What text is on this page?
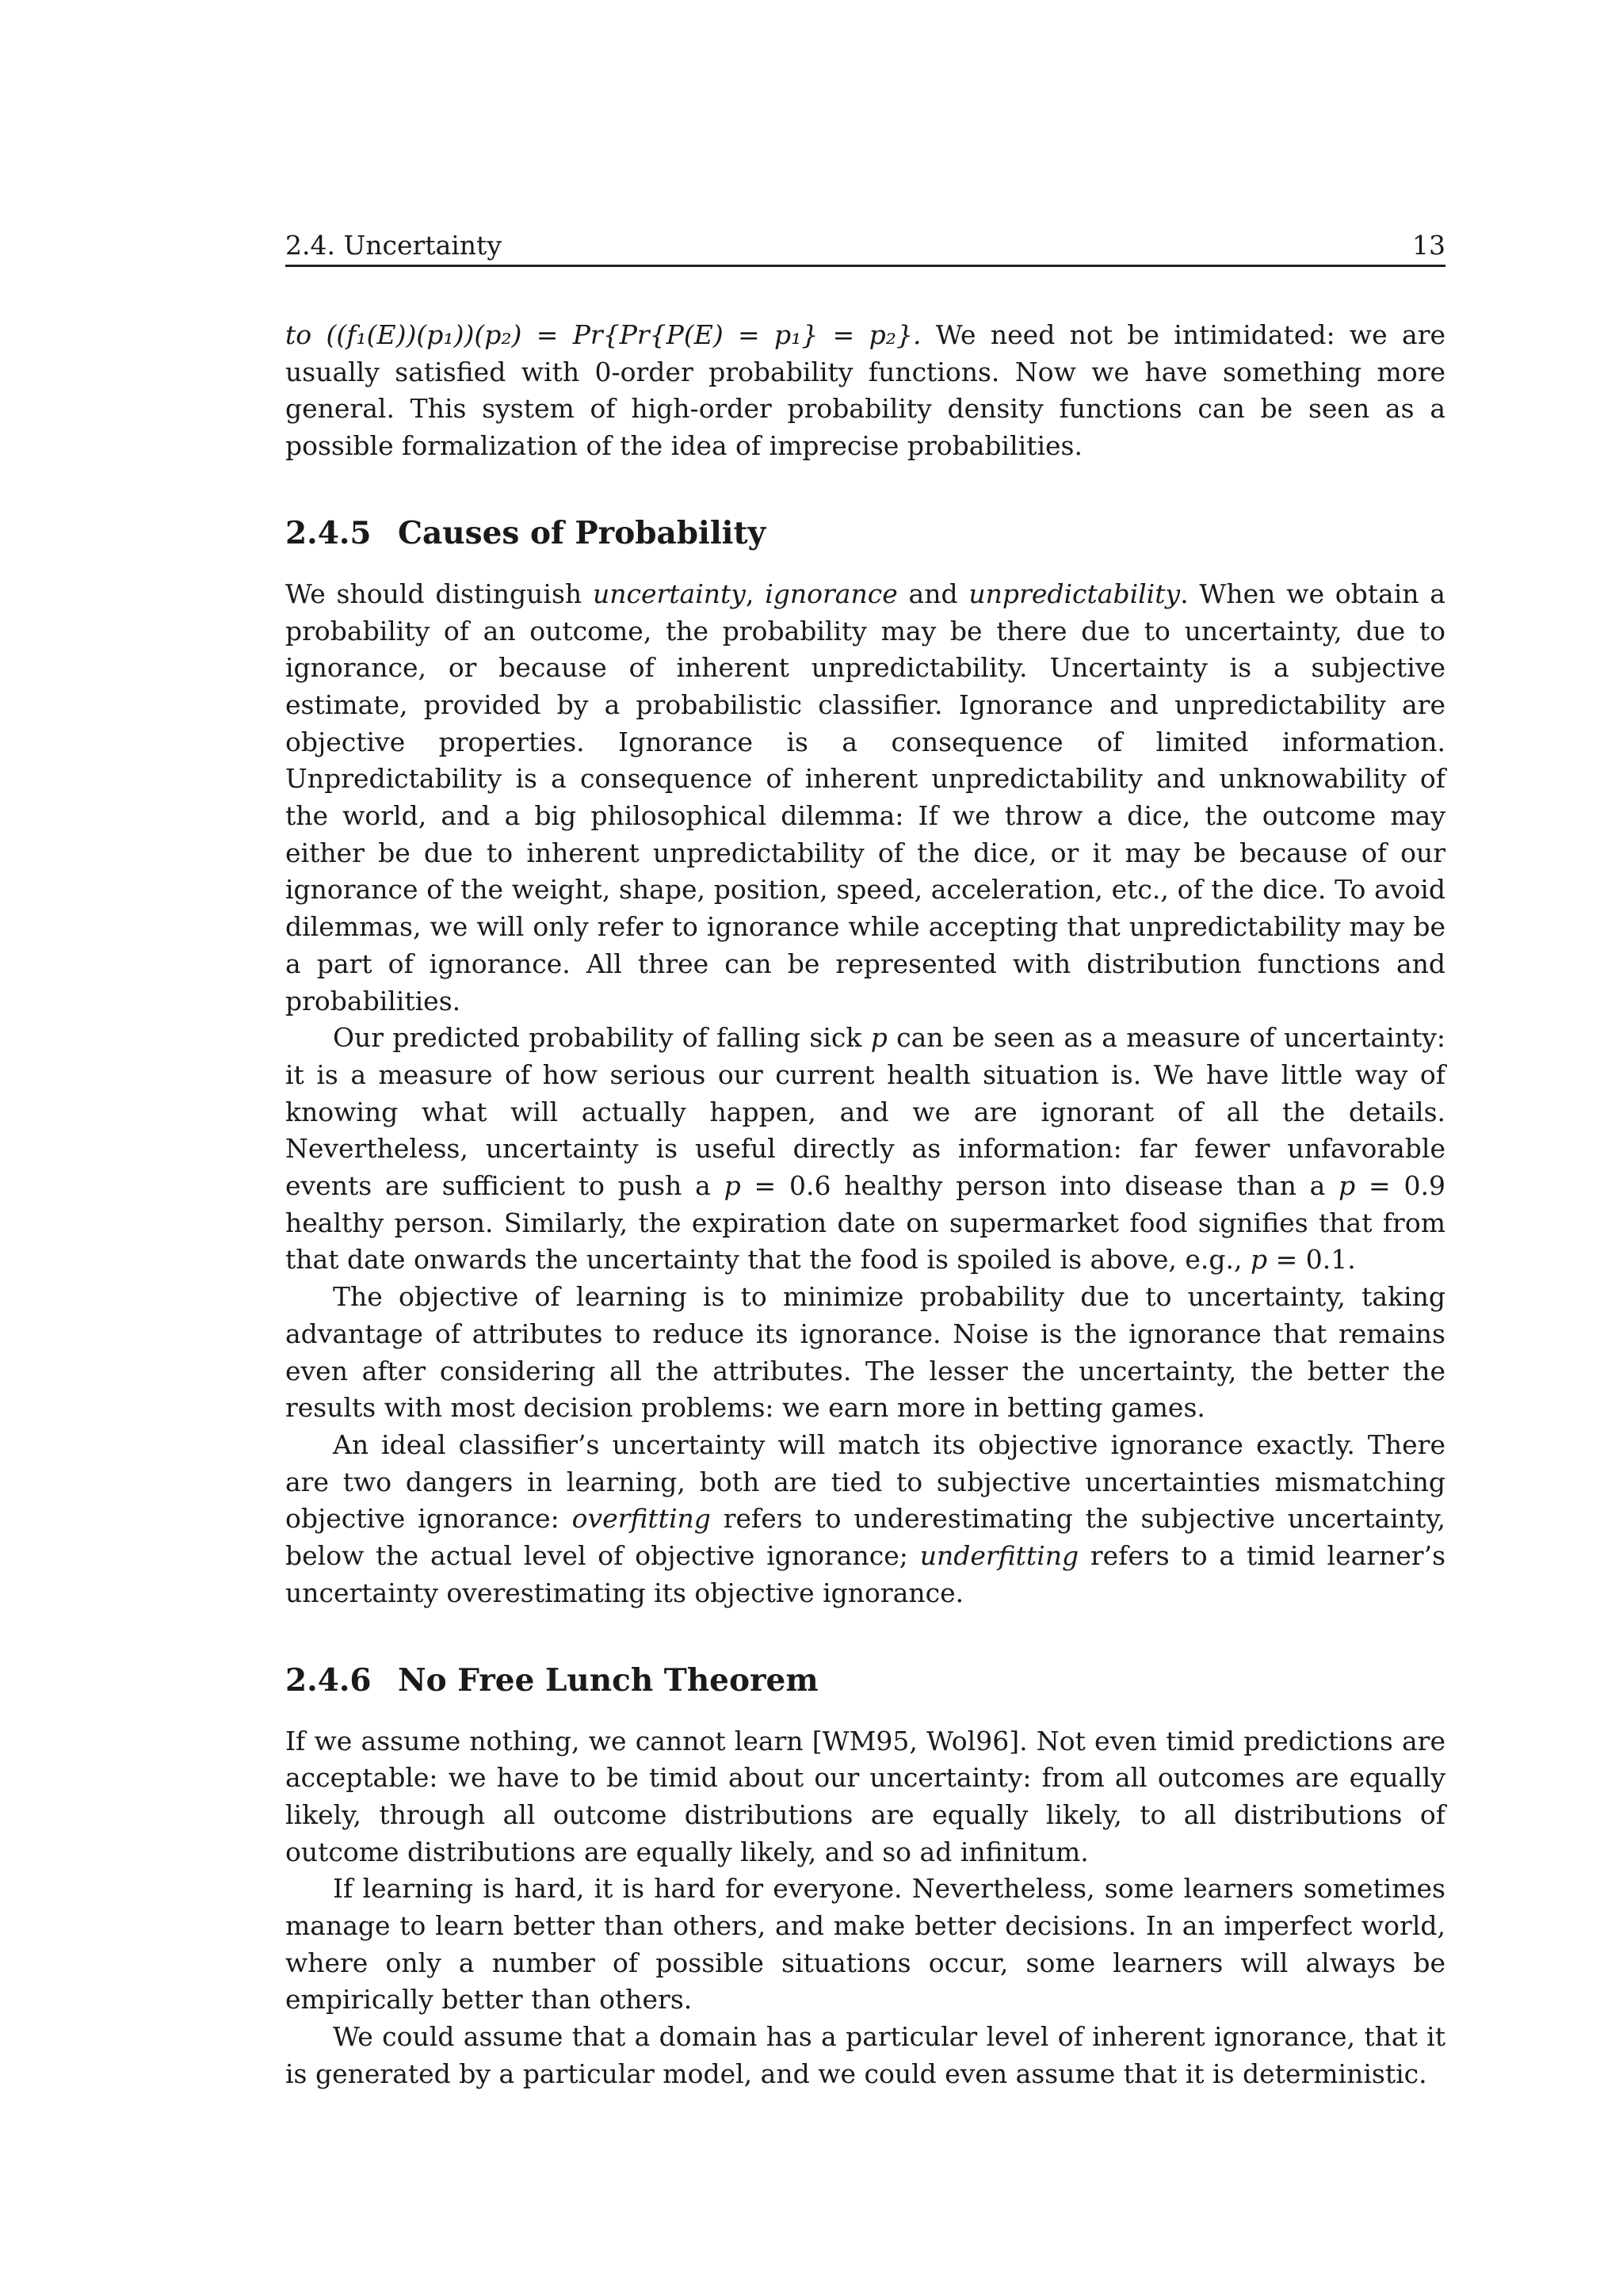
2.4. Uncertainty	13

to ((f₁(E))(p₁))(p₂) = Pr{Pr{P(E) = p₁} = p₂}. We need not be intimidated: we are usually satisfied with 0-order probability functions. Now we have something more general. This system of high-order probability density functions can be seen as a possible formalization of the idea of imprecise probabilities.

2.4.5 Causes of Probability

We should distinguish uncertainty, ignorance and unpredictability. When we obtain a probability of an outcome, the probability may be there due to uncertainty, due to ignorance, or because of inherent unpredictability. Uncertainty is a subjective estimate, provided by a probabilistic classifier. Ignorance and unpredictability are objective properties. Ignorance is a consequence of limited information. Unpredictability is a consequence of inherent unpredictability and unknowability of the world, and a big philosophical dilemma: If we throw a dice, the outcome may either be due to inherent unpredictability of the dice, or it may be because of our ignorance of the weight, shape, position, speed, acceleration, etc., of the dice. To avoid dilemmas, we will only refer to ignorance while accepting that unpredictability may be a part of ignorance. All three can be represented with distribution functions and probabilities.

Our predicted probability of falling sick p can be seen as a measure of uncertainty: it is a measure of how serious our current health situation is. We have little way of knowing what will actually happen, and we are ignorant of all the details. Nevertheless, uncertainty is useful directly as information: far fewer unfavorable events are sufficient to push a p = 0.6 healthy person into disease than a p = 0.9 healthy person. Similarly, the expiration date on supermarket food signifies that from that date onwards the uncertainty that the food is spoiled is above, e.g., p = 0.1.

The objective of learning is to minimize probability due to uncertainty, taking advantage of attributes to reduce its ignorance. Noise is the ignorance that remains even after considering all the attributes. The lesser the uncertainty, the better the results with most decision problems: we earn more in betting games.

An ideal classifier’s uncertainty will match its objective ignorance exactly. There are two dangers in learning, both are tied to subjective uncertainties mismatching objective ignorance: overfitting refers to underestimating the subjective uncertainty, below the actual level of objective ignorance; underfitting refers to a timid learner’s uncertainty overestimating its objective ignorance.

2.4.6 No Free Lunch Theorem

If we assume nothing, we cannot learn [WM95, Wol96]. Not even timid predictions are acceptable: we have to be timid about our uncertainty: from all outcomes are equally likely, through all outcome distributions are equally likely, to all distributions of outcome distributions are equally likely, and so ad infinitum.

If learning is hard, it is hard for everyone. Nevertheless, some learners sometimes manage to learn better than others, and make better decisions. In an imperfect world, where only a number of possible situations occur, some learners will always be empirically better than others.

We could assume that a domain has a particular level of inherent ignorance, that it is generated by a particular model, and we could even assume that it is deterministic.
